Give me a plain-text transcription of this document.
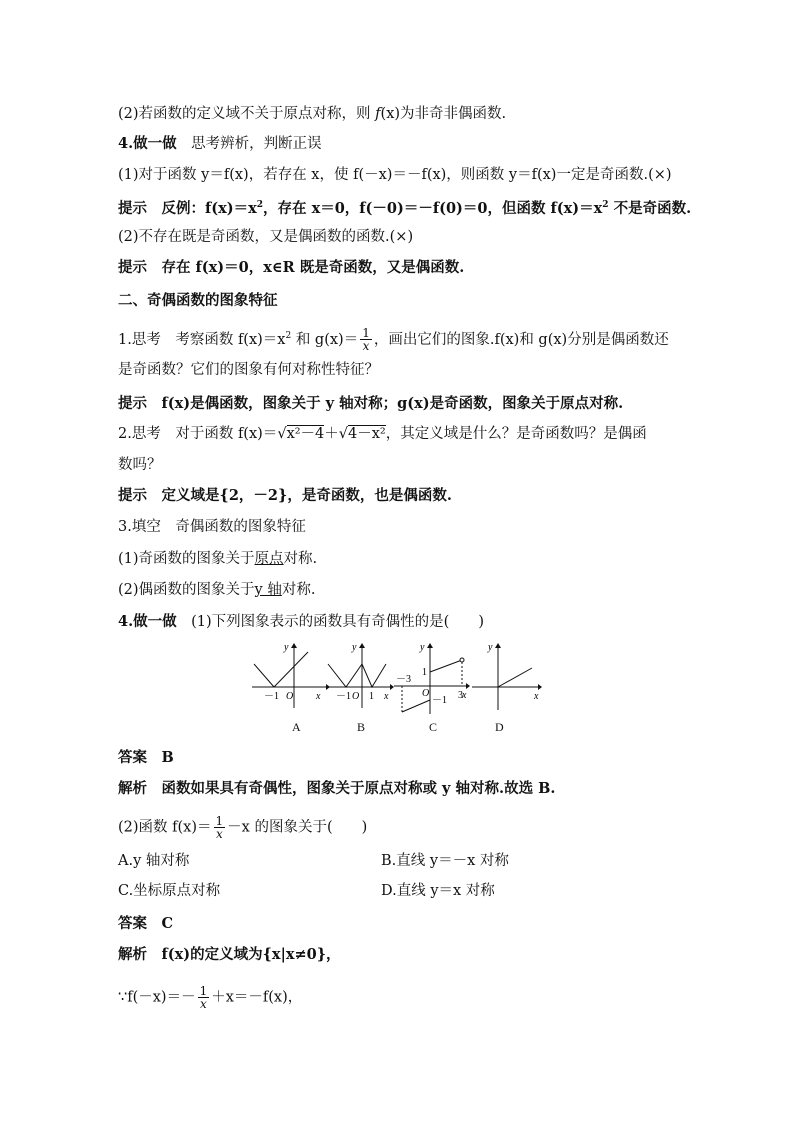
(2)若函数的定义域不关于原点对称，则 f(x)为非奇非偶函数.
4.做一做　思考辨析，判断正误
(1)对于函数 y＝f(x)，若存在 x，使 f(－x)＝－f(x)，则函数 y＝f(x)一定是奇函数.(×)
提示　反例：$f(x)=x^2$，存在 x＝0，f(－0)＝－f(0)＝0，但函数 $f(x)=x^2$ 不是奇函数.
(2)不存在既是奇函数，又是偶函数的函数.(×)
提示　存在 f(x)＝0，x∈R 既是奇函数，又是偶函数.
二、奇偶函数的图象特征
1.思考　考察函数 $f(x)=x^2$ 和 $g(x)= \frac{1}{x}$ ，画出它们的图象.f(x)和 g(x)分别是偶函数还
是奇函数？它们的图象有何对称性特征？
提示　f(x)是偶函数，图象关于 y 轴对称；g(x)是奇函数，图象关于原点对称.
2.思考　对于函数 f(x)＝√x²－4＋√4－x²，其定义域是什么？是奇函数吗？是偶函
数吗？
提示　定义域是{2，－2}，是奇函数，也是偶函数.
3.填空　奇偶函数的图象特征
(1)奇函数的图象关于原点对称.
(2)偶函数的图象关于y 轴对称.
4.做一做　(1)下列图象表示的函数具有奇偶性的是(　　)
y
x
O
－1
A
y
x
O
－1 1
B
y
x
O
－3
1
3
－1
C
y
x
D
答案　B
解析　函数如果具有奇偶性，图象关于原点对称或 y 轴对称.故选 B.
(2)函数 $f(x)= \frac{1}{x} -x$ 的图象关于(　　)
A.y 轴对称	B.直线 y＝－x 对称
C.坐标原点对称	D.直线 y＝x 对称
答案　C
解析　f(x)的定义域为{x|x≠0}，
∵f(－x)＝－ $\frac{1}{x} +x=-f(x)$，
